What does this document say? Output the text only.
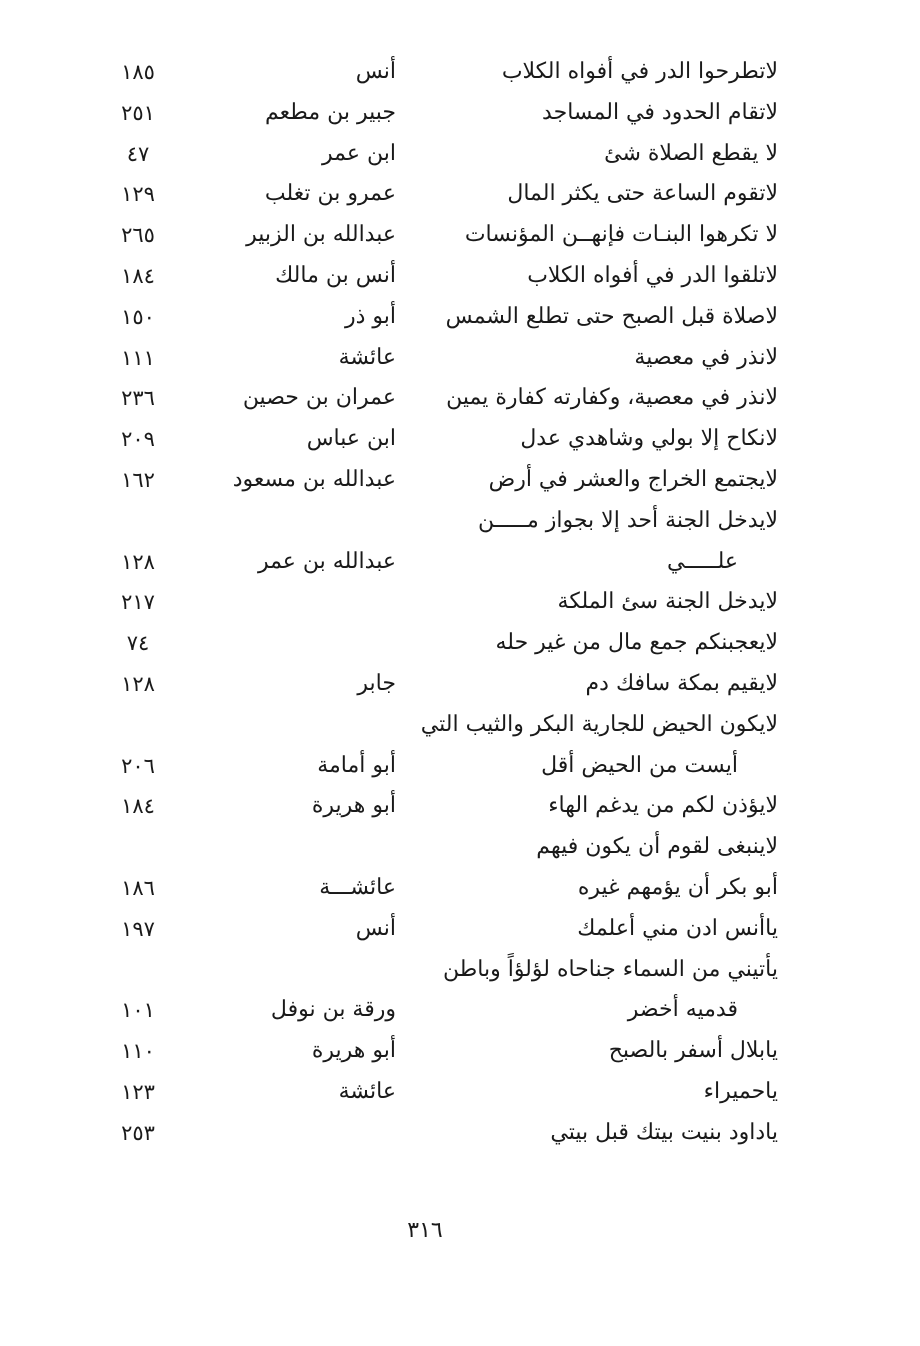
لاتطرحوا الدر في أفواه الكلاب
أنس
١٨٥
لاتقام الحدود في المساجد
جبير بن مطعم
٢٥١
لا يقطع الصلاة شئ
ابن عمر
٤٧
لاتقوم الساعة حتى يكثر المال
عمرو بن تغلب
١٢٩
لا تكرهوا البنـات فإنهــن المؤنسات
عبدالله بن الزبير
٢٦٥
لاتلقوا الدر في أفواه الكلاب
أنس بن مالك
١٨٤
لاصلاة قبل الصبح حتى تطلع الشمس
أبو ذر
١٥٠
لانذر في معصية
عائشة
١١١
لانذر في معصية، وكفارته كفارة يمين
عمران بن حصين
٢٣٦
لانكاح إلا بولي وشاهدي عدل
ابن عباس
٢٠٩
لايجتمع الخراج والعشر في أرض
عبدالله بن مسعود
١٦٢
لايدخل الجنة أحد إلا بجواز مـــــن
علـــــي
عبدالله بن عمر
١٢٨
لايدخل الجنة سئ الملكة
٢١٧
لايعجبنكم جمع مال من غير حله
٧٤
لايقيم بمكة سافك دم
جابر
١٢٨
لايكون الحيض للجارية البكر والثيب التي
أيست من الحيض أقل
أبو أمامة
٢٠٦
لايؤذن لكم من يدغم الهاء
أبو هريرة
١٨٤
لاينبغى لقوم أن يكون فيهم
أبو بكر أن يؤمهم غيره
عائشـــة
١٨٦
ياأنس ادن مني أعلمك
أنس
١٩٧
يأتيني من السماء جناحاه لؤلؤاً وباطن
قدميه أخضر
ورقة بن نوفل
١٠١
يابلال أسفر بالصبح
أبو هريرة
١١٠
ياحميراء
عائشة
١٢٣
ياداود بنيت بيتك قبل بيتي
٢٥٣
٣١٦
